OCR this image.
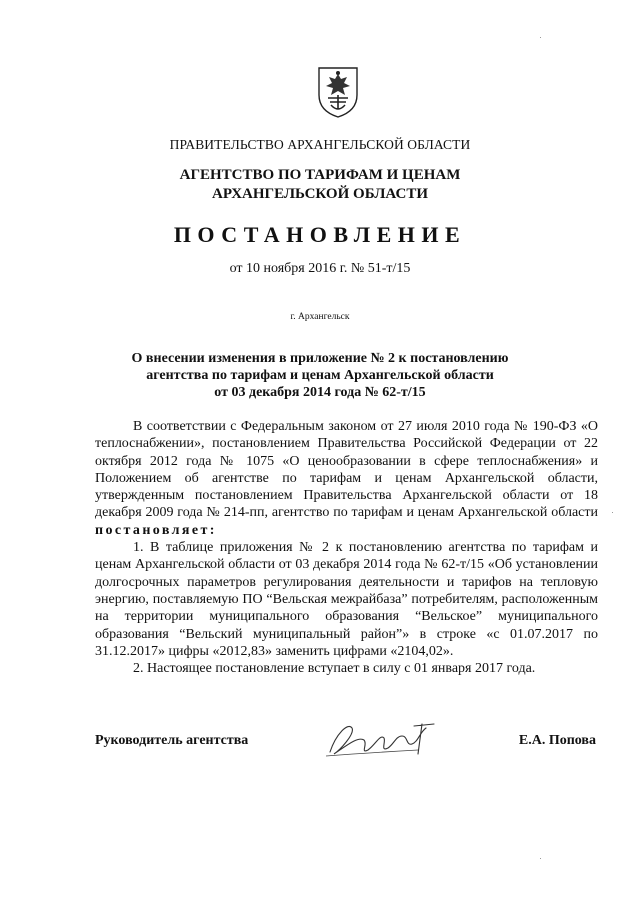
ПРАВИТЕЛЬСТВО АРХАНГЕЛЬСКОЙ ОБЛАСТИ
АГЕНТСТВО ПО ТАРИФАМ И ЦЕНАМ
АРХАНГЕЛЬСКОЙ ОБЛАСТИ
ПОСТАНОВЛЕНИЕ
от 10 ноября 2016 г. № 51-т/15
г. Архангельск
О внесении изменения в приложение № 2 к постановлению
агентства по тарифам и ценам Архангельской области
от 03 декабря 2014 года № 62-т/15

В соответствии с Федеральным законом от 27 июля 2010 года № 190-ФЗ «О теплоснабжении», постановлением Правительства Российской Федерации от 22 октября 2012 года № 1075 «О ценообразовании в сфере теплоснабжения» и Положением об агентстве по тарифам и ценам Архангельской области, утвержденным постановлением Правительства Архангельской области от 18 декабря 2009 года № 214-пп, агентство по тарифам и ценам Архангельской области постановляет:

1. В таблице приложения № 2 к постановлению агентства по тарифам и ценам Архангельской области от 03 декабря 2014 года № 62-т/15 «Об установлении долгосрочных параметров регулирования деятельности и тарифов на тепловую энергию, поставляемую ПО “Вельская межрайбаза” потребителям, расположенным на территории муниципального образования “Вельское” муниципального образования “Вельский муниципальный район”» в строке «с 01.07.2017 по 31.12.2017» цифры «2012,83» заменить цифрами «2104,02».

2. Настоящее постановление вступает в силу с 01 января 2017 года.

Руководитель агентства	Е.А. Попова
